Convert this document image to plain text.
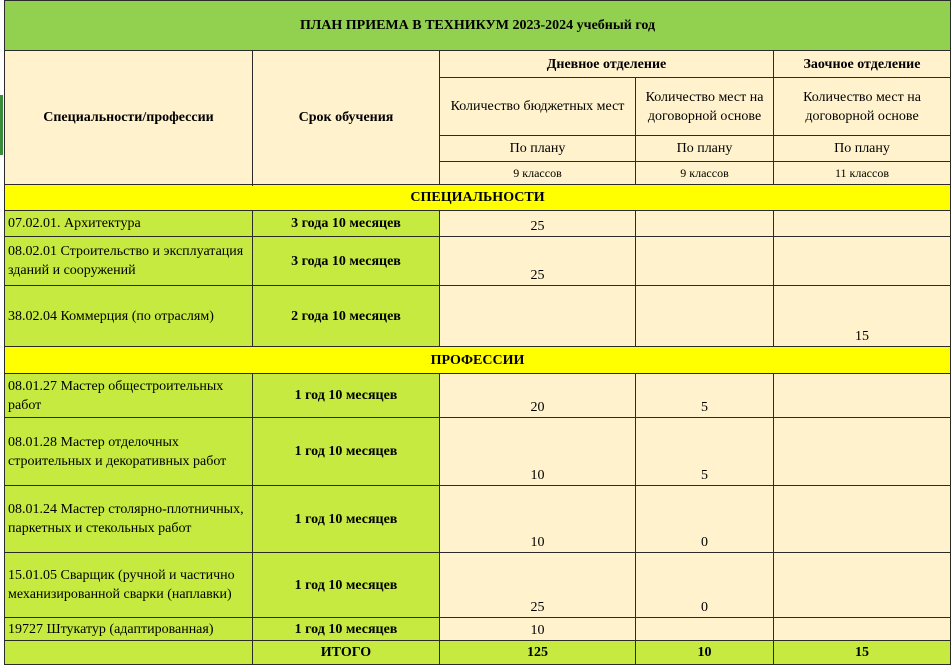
ПЛАН ПРИЕМА В ТЕХНИКУМ 2023-2024 учебный год				
Специальности/профессии	Срок обучения	Дневное отделение		Заочное отделение
		Количество бюджетных мест	Количество мест на договорной основе	Количество мест на договорной основе
		По плану	По плану	По плану
		9 классов	9 классов	11 классов

СПЕЦИАЛЬНОСТИ				
07.02.01. Архитектура	3 года 10 месяцев	25		
08.02.01 Строительство и эксплуатация зданий и сооружений	3 года 10 месяцев	25		
38.02.04 Коммерция (по отраслям)	2 года 10 месяцев			15
ПРОФЕССИИ				
08.01.27 Мастер общестроительных работ	1 год 10 месяцев	20	5	
08.01.28 Мастер отделочных строительных и декоративных работ	1 год 10 месяцев	10	5	
08.01.24 Мастер столярно-плотничных, паркетных и стекольных работ	1 год 10 месяцев	10	0	
15.01.05 Сварщик (ручной и частично механизированной сварки (наплавки)	1 год 10 месяцев	25	0	
19727 Штукатур (адаптированная)	1 год 10 месяцев	10		
	ИТОГО	125	10	15
